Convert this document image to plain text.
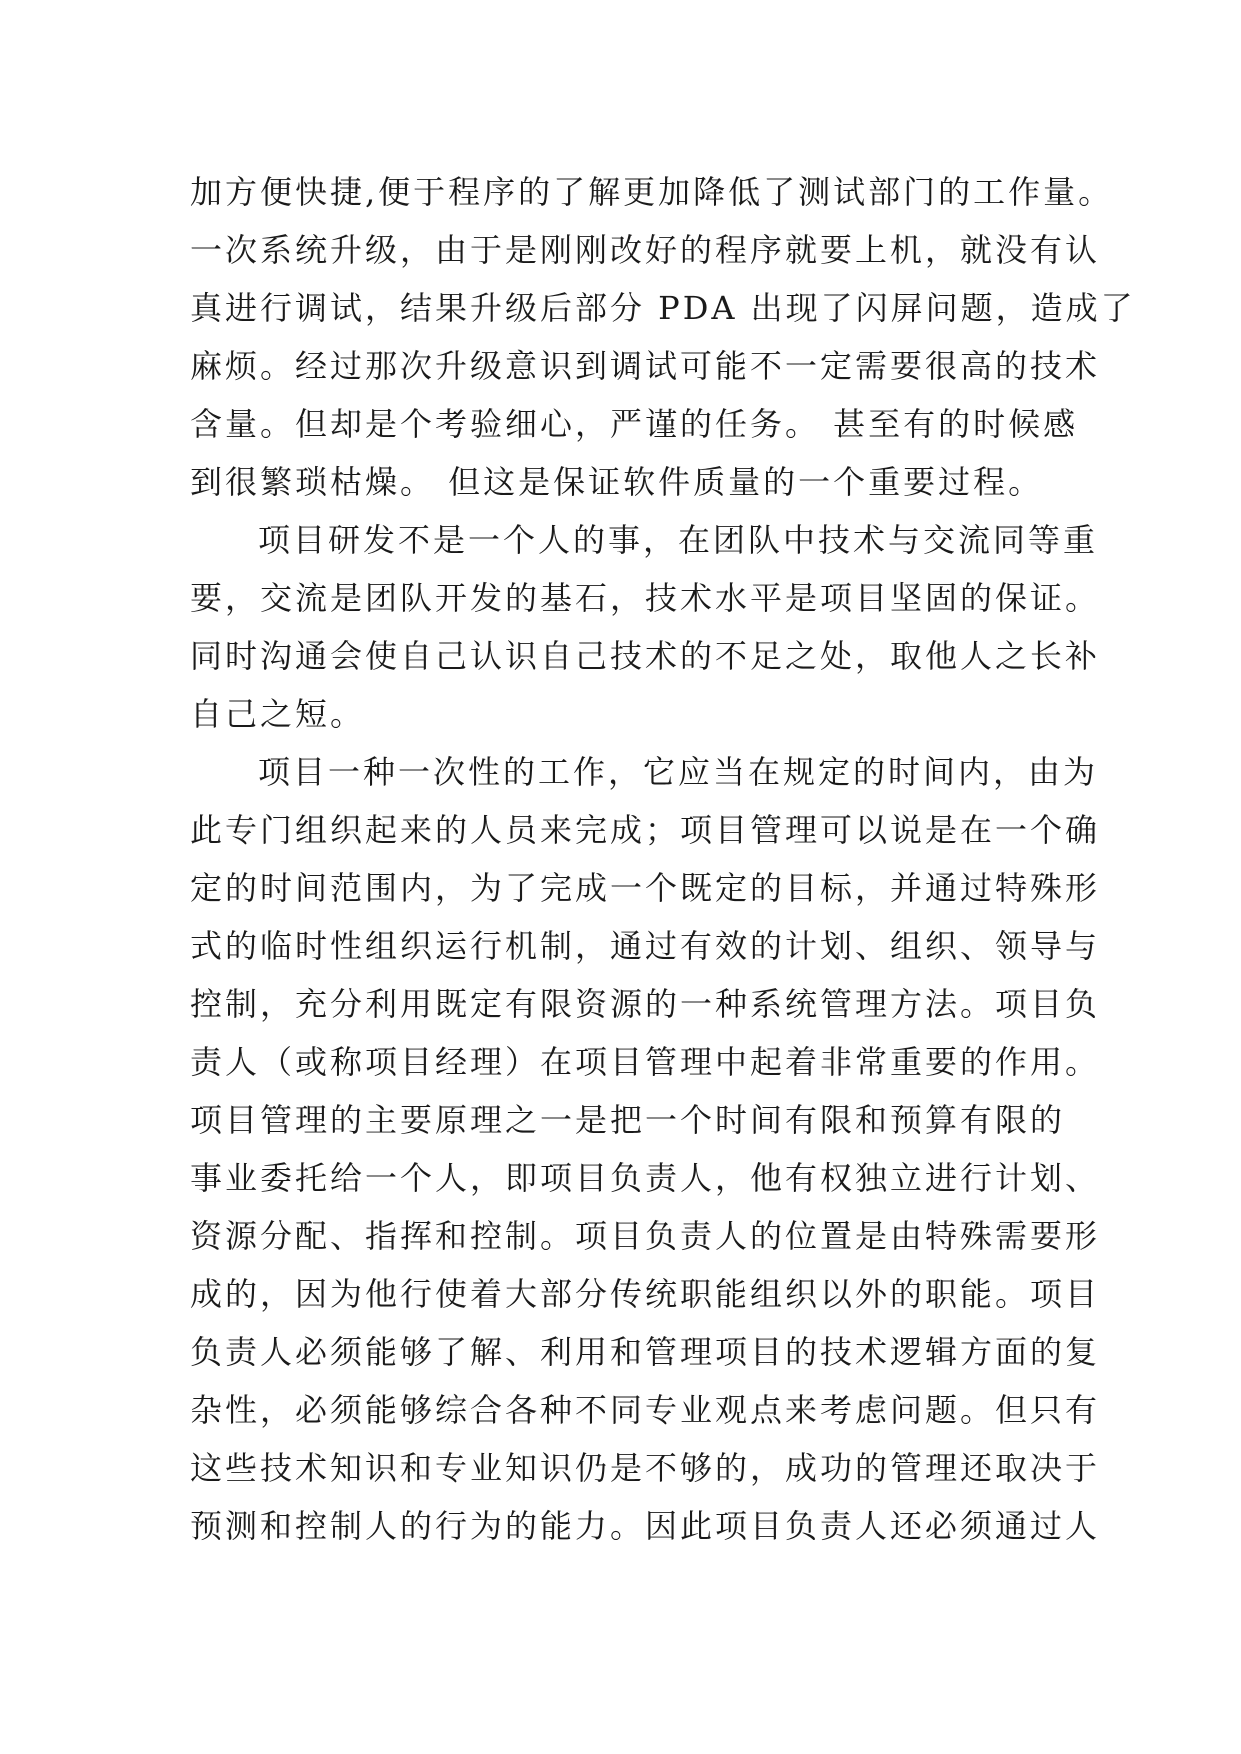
加方便快捷,便于程序的了解更加降低了测试部门的工作量。
一次系统升级，由于是刚刚改好的程序就要上机，就没有认
真进行调试，结果升级后部分 PDA 出现了闪屏问题，造成了
麻烦。经过那次升级意识到调试可能不一定需要很高的技术
含量。但却是个考验细心，严谨的任务。 甚至有的时候感
到很繁琐枯燥。 但这是保证软件质量的一个重要过程。
项目研发不是一个人的事，在团队中技术与交流同等重
要，交流是团队开发的基石，技术水平是项目坚固的保证。
同时沟通会使自己认识自己技术的不足之处，取他人之长补
自己之短。
项目一种一次性的工作，它应当在规定的时间内，由为
此专门组织起来的人员来完成；项目管理可以说是在一个确
定的时间范围内，为了完成一个既定的目标，并通过特殊形
式的临时性组织运行机制，通过有效的计划、组织、领导与
控制，充分利用既定有限资源的一种系统管理方法。项目负
责人（或称项目经理）在项目管理中起着非常重要的作用。
项目管理的主要原理之一是把一个时间有限和预算有限的
事业委托给一个人，即项目负责人，他有权独立进行计划、
资源分配、指挥和控制。项目负责人的位置是由特殊需要形
成的，因为他行使着大部分传统职能组织以外的职能。项目
负责人必须能够了解、利用和管理项目的技术逻辑方面的复
杂性，必须能够综合各种不同专业观点来考虑问题。但只有
这些技术知识和专业知识仍是不够的，成功的管理还取决于
预测和控制人的行为的能力。因此项目负责人还必须通过人
